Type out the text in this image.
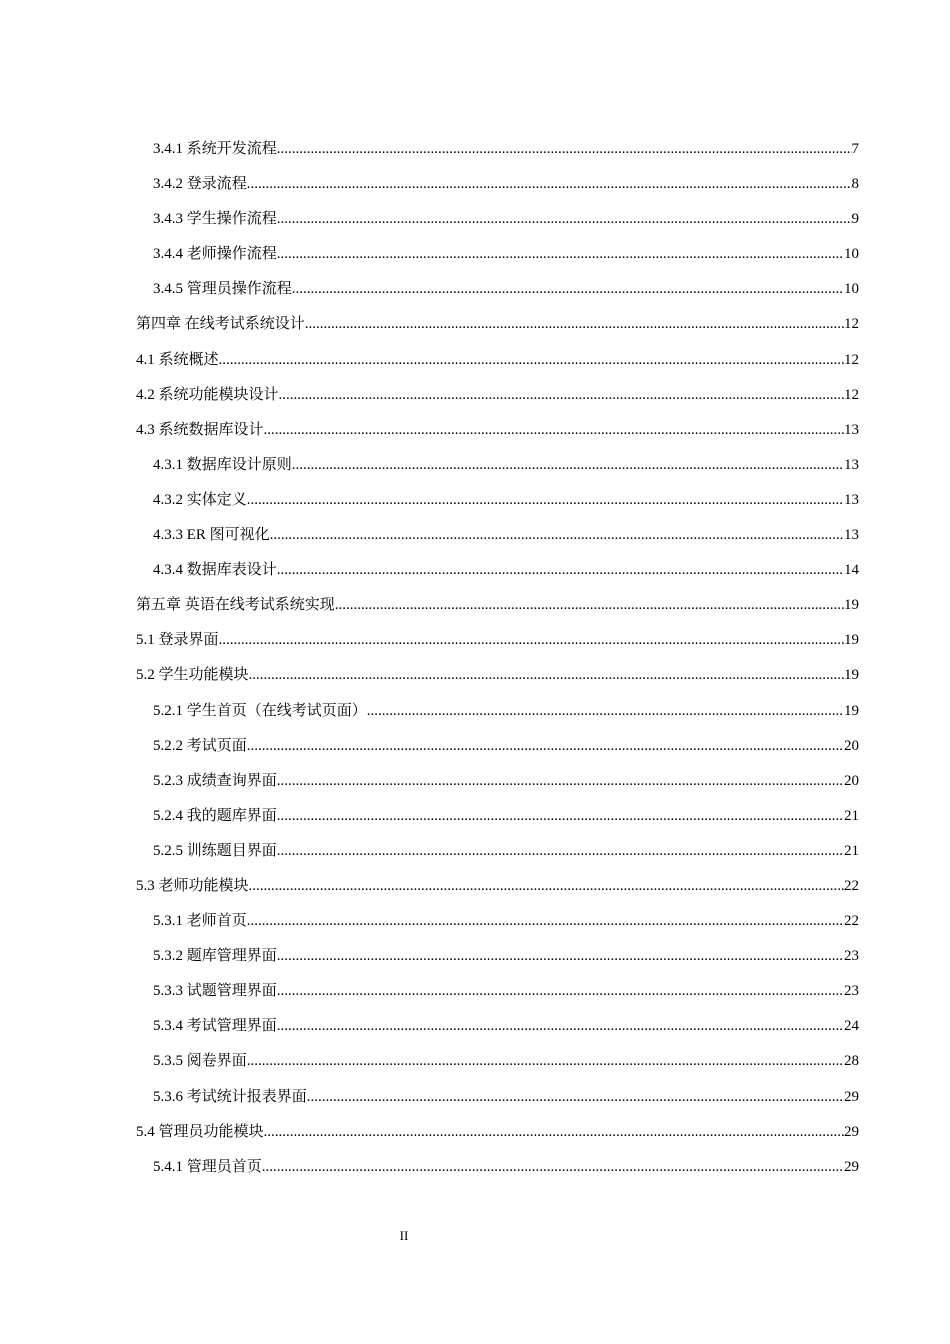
3.4.1 系统开发流程 .....	7
3.4.2 登录流程 .....	8
3.4.3 学生操作流程 .....	9
3.4.4 老师操作流程 .....	10
3.4.5 管理员操作流程 .....	10
第四章 在线考试系统设计 .....	12
4.1 系统概述 .....	12
4.2 系统功能模块设计 .....	12
4.3 系统数据库设计 .....	13
4.3.1 数据库设计原则 .....	13
4.3.2 实体定义 .....	13
4.3.3 ER 图可视化 .....	13
4.3.4 数据库表设计 .....	14
第五章 英语在线考试系统实现 .....	19
5.1 登录界面 .....	19
5.2 学生功能模块 .....	19
5.2.1 学生首页（在线考试页面） .....	19
5.2.2 考试页面 .....	20
5.2.3 成绩查询界面 .....	20
5.2.4 我的题库界面 .....	21
5.2.5 训练题目界面 .....	21
5.3 老师功能模块 .....	22
5.3.1 老师首页 .....	22
5.3.2 题库管理界面 .....	23
5.3.3 试题管理界面 .....	23
5.3.4 考试管理界面 .....	24
5.3.5 阅卷界面 .....	28
5.3.6 考试统计报表界面 .....	29
5.4 管理员功能模块 .....	29
5.4.1 管理员首页 .....	29
II
